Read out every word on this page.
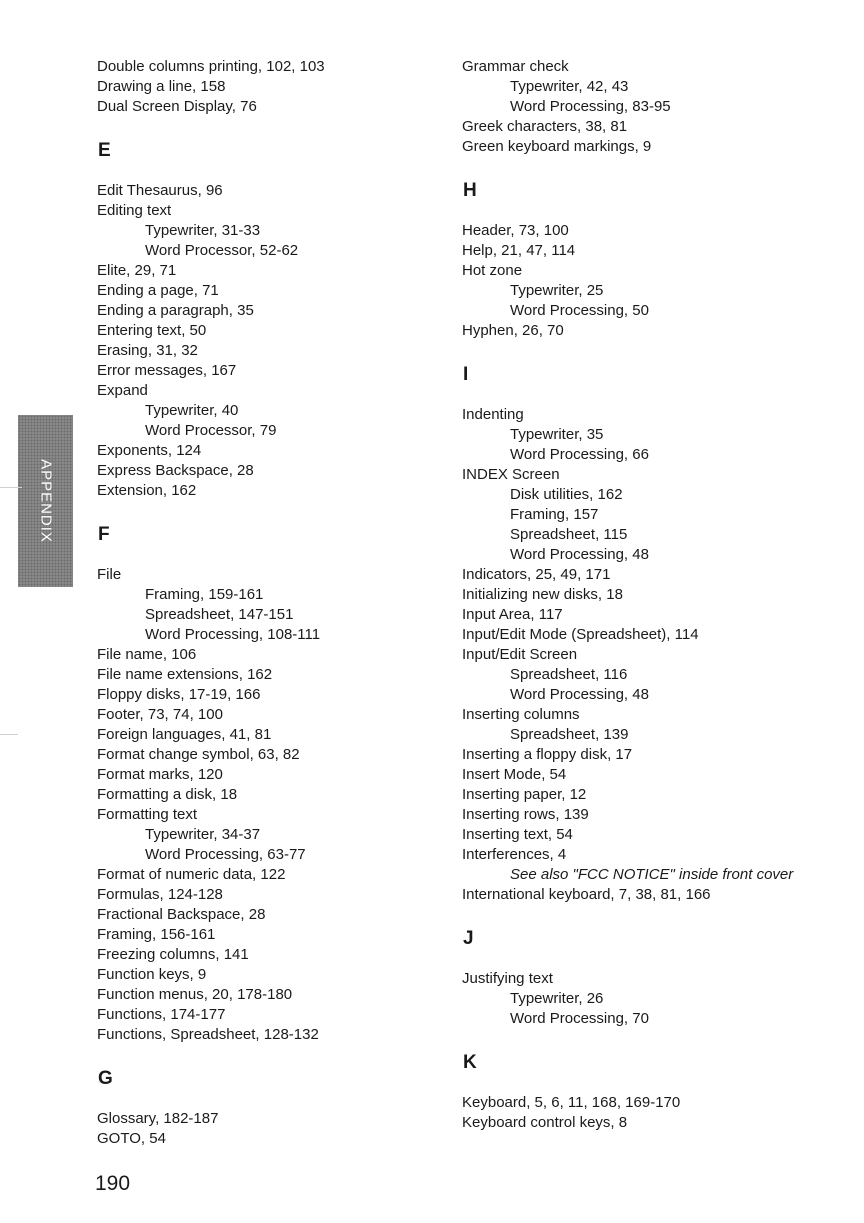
Double columns printing, 102, 103
Drawing a line, 158
Dual Screen Display, 76
E
Edit Thesaurus, 96
Editing text
Typewriter, 31-33
Word Processor, 52-62
Elite, 29, 71
Ending a page, 71
Ending a paragraph, 35
Entering text, 50
Erasing, 31, 32
Error messages, 167
Expand
Typewriter, 40
Word Processor, 79
Exponents, 124
Express Backspace, 28
Extension, 162
F
File
Framing, 159-161
Spreadsheet, 147-151
Word Processing, 108-111
File name, 106
File name extensions, 162
Floppy disks, 17-19, 166
Footer, 73, 74, 100
Foreign languages, 41, 81
Format change symbol, 63, 82
Format marks, 120
Formatting a disk, 18
Formatting text
Typewriter, 34-37
Word Processing, 63-77
Format of numeric data, 122
Formulas, 124-128
Fractional Backspace, 28
Framing, 156-161
Freezing columns, 141
Function keys, 9
Function menus, 20, 178-180
Functions, 174-177
Functions, Spreadsheet, 128-132
G
Glossary, 182-187
GOTO, 54
Grammar check
Typewriter, 42, 43
Word Processing, 83-95
Greek characters, 38, 81
Green keyboard markings, 9
H
Header, 73, 100
Help, 21, 47, 114
Hot zone
Typewriter, 25
Word Processing, 50
Hyphen, 26, 70
I
Indenting
Typewriter, 35
Word Processing, 66
INDEX Screen
Disk utilities, 162
Framing, 157
Spreadsheet, 115
Word Processing, 48
Indicators, 25, 49, 171
Initializing new disks, 18
Input Area, 117
Input/Edit Mode (Spreadsheet), 114
Input/Edit Screen
Spreadsheet, 116
Word Processing, 48
Inserting columns
Spreadsheet, 139
Inserting a floppy disk, 17
Insert Mode, 54
Inserting paper, 12
Inserting rows, 139
Inserting text, 54
Interferences, 4
See also "FCC NOTICE" inside front cover
International keyboard, 7, 38, 81, 166
J
Justifying text
Typewriter, 26
Word Processing, 70
K
Keyboard, 5, 6, 11, 168, 169-170
Keyboard control keys, 8
APPENDIX
190
